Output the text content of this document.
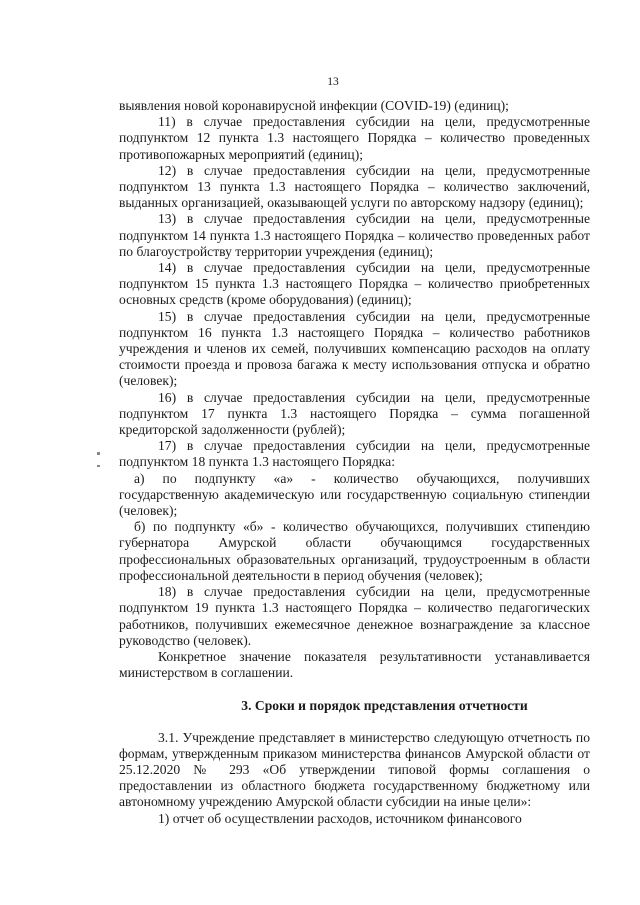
13

выявления новой коронавирусной инфекции (COVID-19) (единиц);

11) в случае предоставления субсидии на цели, предусмотренные подпунктом 12 пункта 1.3 настоящего Порядка – количество проведенных противопожарных мероприятий (единиц);

12) в случае предоставления субсидии на цели, предусмотренные подпунктом 13 пункта 1.3 настоящего Порядка – количество заключений, выданных организацией, оказывающей услуги по авторскому надзору (единиц);

13) в случае предоставления субсидии на цели, предусмотренные подпунктом 14 пункта 1.3 настоящего Порядка – количество проведенных работ по благоустройству территории учреждения (единиц);

14) в случае предоставления субсидии на цели, предусмотренные подпунктом 15 пункта 1.3 настоящего Порядка – количество приобретенных основных средств (кроме оборудования) (единиц);

15) в случае предоставления субсидии на цели, предусмотренные подпунктом 16 пункта 1.3 настоящего Порядка – количество работников учреждения и членов их семей, получивших компенсацию расходов на оплату стоимости проезда и провоза багажа к месту использования отпуска и обратно (человек);

16) в случае предоставления субсидии на цели, предусмотренные подпунктом 17 пункта 1.3 настоящего Порядка – сумма погашенной кредиторской задолженности (рублей);

17) в случае предоставления субсидии на цели, предусмотренные подпунктом 18 пункта 1.3 настоящего Порядка:

а) по подпункту «а» - количество обучающихся, получивших государственную академическую или государственную социальную стипендии (человек);

б) по подпункту «б» - количество обучающихся, получивших стипендию губернатора Амурской области обучающимся государственных профессиональных образовательных организаций, трудоустроенным в области профессиональной деятельности в период обучения (человек);

18) в случае предоставления субсидии на цели, предусмотренные подпунктом 19 пункта 1.3 настоящего Порядка – количество педагогических работников, получивших ежемесячное денежное вознаграждение за классное руководство (человек).

Конкретное значение показателя результативности устанавливается министерством в соглашении.

3. Сроки и порядок представления отчетности

3.1. Учреждение представляет в министерство следующую отчетность по формам, утвержденным приказом министерства финансов Амурской области от 25.12.2020 № 293 «Об утверждении типовой формы соглашения о предоставлении из областного бюджета государственному бюджетному или автономному учреждению Амурской области субсидии на иные цели»:

1) отчет об осуществлении расходов, источником финансового
